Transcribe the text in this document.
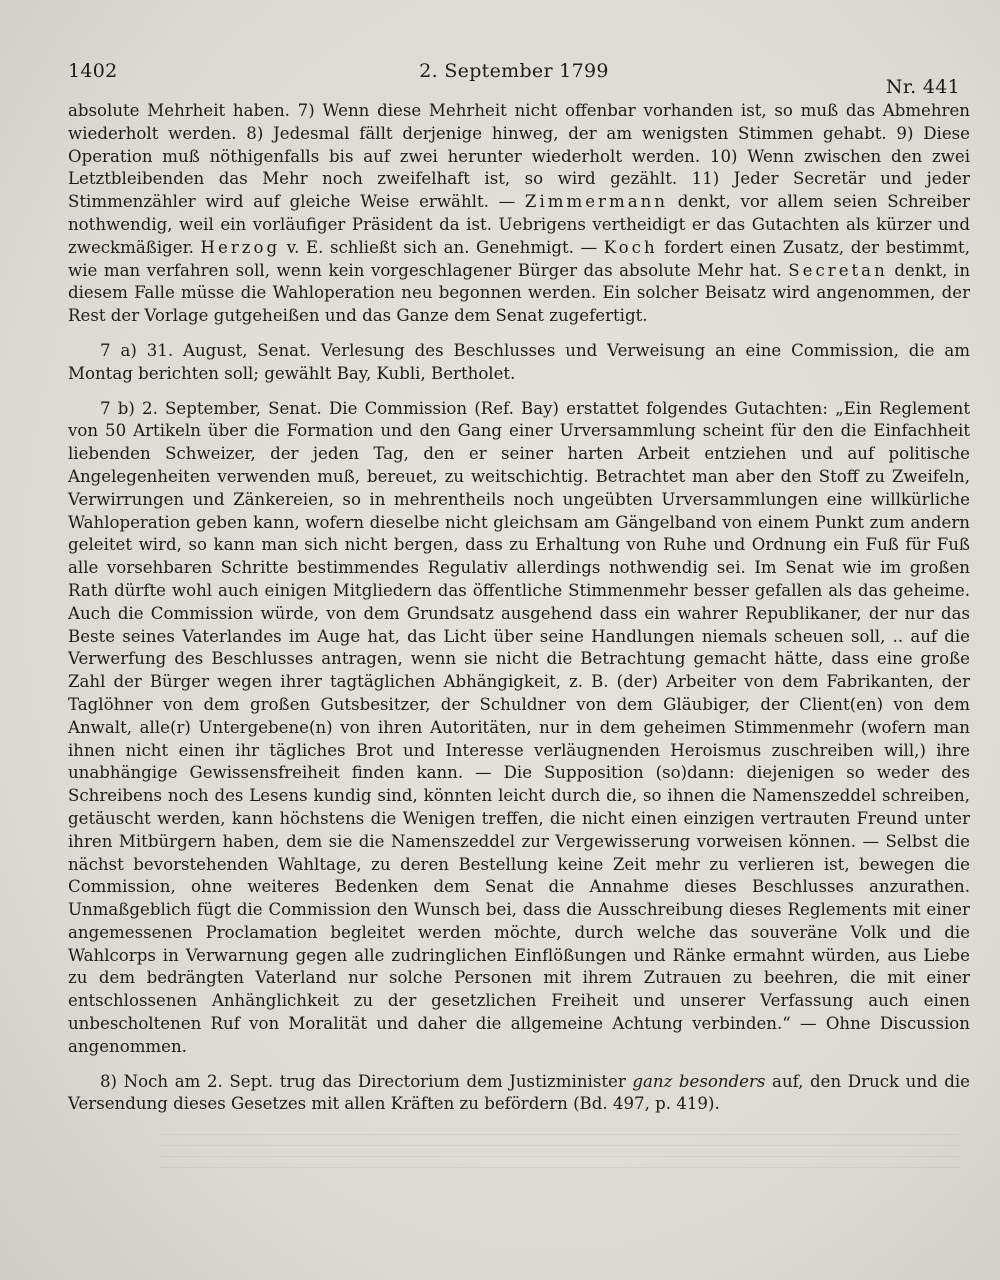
1402	2. September 1799
Nr. 441

absolute Mehrheit haben. 7) Wenn diese Mehrheit nicht offenbar vorhanden ist, so muß das Abmehren wiederholt werden. 8) Jedesmal fällt derjenige hinweg, der am wenigsten Stimmen gehabt. 9) Diese Operation muß nöthigenfalls bis auf zwei herunter wiederholt werden. 10) Wenn zwischen den zwei Letztbleibenden das Mehr noch zweifelhaft ist, so wird gezählt. 11) Jeder Secretär und jeder Stimmenzähler wird auf gleiche Weise erwählt. — Zimmermann denkt, vor allem seien Schreiber nothwendig, weil ein vorläufiger Präsident da ist. Uebrigens vertheidigt er das Gutachten als kürzer und zweckmäßiger. Herzog v. E. schließt sich an. Genehmigt. — Koch fordert einen Zusatz, der bestimmt, wie man verfahren soll, wenn kein vorgeschlagener Bürger das absolute Mehr hat. Secretan denkt, in diesem Falle müsse die Wahloperation neu begonnen werden. Ein solcher Beisatz wird angenommen, der Rest der Vorlage gutgeheißen und das Ganze dem Senat zugefertigt.

7 a) 31. August, Senat. Verlesung des Beschlusses und Verweisung an eine Commission, die am Montag berichten soll; gewählt Bay, Kubli, Bertholet.

7 b) 2. September, Senat. Die Commission (Ref. Bay) erstattet folgendes Gutachten: „Ein Reglement von 50 Artikeln über die Formation und den Gang einer Urversammlung scheint für den die Einfachheit liebenden Schweizer, der jeden Tag, den er seiner harten Arbeit entziehen und auf politische Angelegenheiten verwenden muß, bereuet, zu weitschichtig. Betrachtet man aber den Stoff zu Zweifeln, Verwirrungen und Zänkereien, so in mehrentheils noch ungeübten Urversammlungen eine willkürliche Wahloperation geben kann, wofern dieselbe nicht gleichsam am Gängelband von einem Punkt zum andern geleitet wird, so kann man sich nicht bergen, dass zu Erhaltung von Ruhe und Ordnung ein Fuß für Fuß alle vorsehbaren Schritte bestimmendes Regulativ allerdings nothwendig sei. Im Senat wie im großen Rath dürfte wohl auch einigen Mitgliedern das öffentliche Stimmenmehr besser gefallen als das geheime. Auch die Commission würde, von dem Grundsatz ausgehend dass ein wahrer Republikaner, der nur das Beste seines Vaterlandes im Auge hat, das Licht über seine Handlungen niemals scheuen soll, .. auf die Verwerfung des Beschlusses antragen, wenn sie nicht die Betrachtung gemacht hätte, dass eine große Zahl der Bürger wegen ihrer tagtäglichen Abhängigkeit, z. B. (der) Arbeiter von dem Fabrikanten, der Taglöhner von dem großen Gutsbesitzer, der Schuldner von dem Gläubiger, der Client(en) von dem Anwalt, alle(r) Untergebene(n) von ihren Autoritäten, nur in dem geheimen Stimmenmehr (wofern man ihnen nicht einen ihr tägliches Brot und Interesse verläugnenden Heroismus zuschreiben will,) ihre unabhängige Gewissensfreiheit finden kann. — Die Supposition (so)dann: diejenigen so weder des Schreibens noch des Lesens kundig sind, könnten leicht durch die, so ihnen die Namenszeddel schreiben, getäuscht werden, kann höchstens die Wenigen treffen, die nicht einen einzigen vertrauten Freund unter ihren Mitbürgern haben, dem sie die Namenszeddel zur Vergewisserung vorweisen können. — Selbst die nächst bevorstehenden Wahltage, zu deren Bestellung keine Zeit mehr zu verlieren ist, bewegen die Commission, ohne weiteres Bedenken dem Senat die Annahme dieses Beschlusses anzurathen. Unmaßgeblich fügt die Commission den Wunsch bei, dass die Ausschreibung dieses Reglements mit einer angemessenen Proclamation begleitet werden möchte, durch welche das souveräne Volk und die Wahlcorps in Verwarnung gegen alle zudringlichen Einflößungen und Ränke ermahnt würden, aus Liebe zu dem bedrängten Vaterland nur solche Personen mit ihrem Zutrauen zu beehren, die mit einer entschlossenen Anhänglichkeit zu der gesetzlichen Freiheit und unserer Verfassung auch einen unbescholtenen Ruf von Moralität und daher die allgemeine Achtung verbinden.“ — Ohne Discussion angenommen.

8) Noch am 2. Sept. trug das Directorium dem Justizminister ganz besonders auf, den Druck und die Versendung dieses Gesetzes mit allen Kräften zu befördern (Bd. 497, p. 419).
